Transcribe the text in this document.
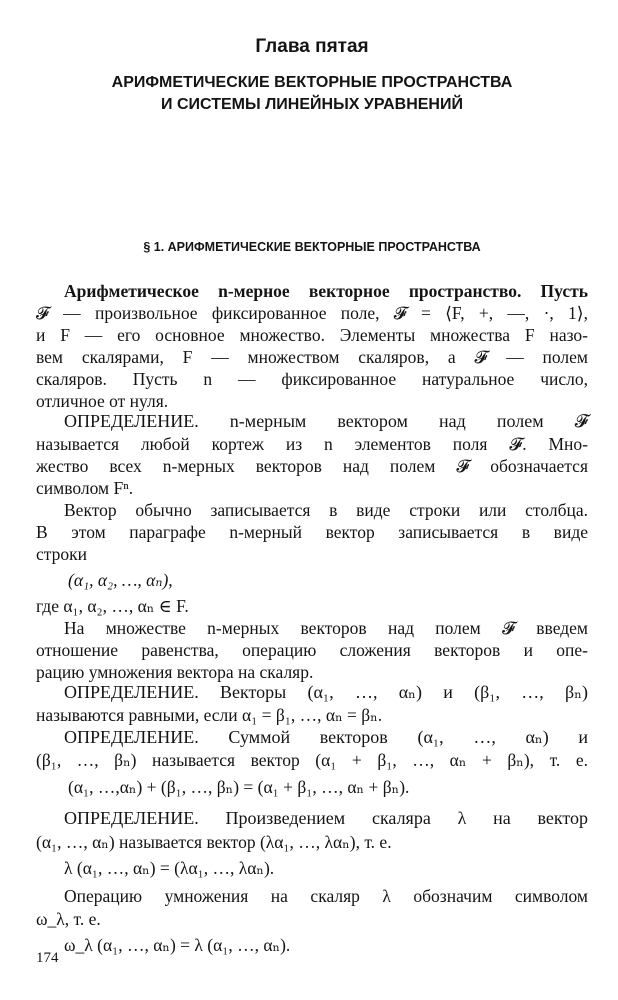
Глава пятая
АРИФМЕТИЧЕСКИЕ ВЕКТОРНЫЕ ПРОСТРАНСТВА
И СИСТЕМЫ ЛИНЕЙНЫХ УРАВНЕНИЙ
§ 1. АРИФМЕТИЧЕСКИЕ ВЕКТОРНЫЕ ПРОСТРАНСТВА
Арифметическое n-мерное векторное пространство. Пусть
𝓕 — произвольное фиксированное поле, 𝓕 = ⟨F, +, —, ·, 1⟩,
и F — его основное множество. Элементы множества F назо-
вем скалярами, F — множеством скаляров, а 𝓕 — полем
скаляров. Пусть n — фиксированное натуральное число,
отличное от нуля.
ОПРЕДЕЛЕНИЕ. n-мерным вектором над полем 𝓕
называется любой кортеж из n элементов поля 𝓕. Мно-
жество всех n-мерных векторов над полем 𝓕 обозначается
символом Fⁿ.
Вектор обычно записывается в виде строки или столбца.
В этом параграфе n-мерный вектор записывается в виде
строки
(α₁, α₂, …, αₙ),
где α₁, α₂, …, αₙ ∈ F.
На множестве n-мерных векторов над полем 𝓕 введем
отношение равенства, операцию сложения векторов и опе-
рацию умножения вектора на скаляр.
ОПРЕДЕЛЕНИЕ. Векторы (α₁, …, αₙ) и (β₁, …, βₙ)
называются равными, если α₁ = β₁, …, αₙ = βₙ.
ОПРЕДЕЛЕНИЕ. Суммой векторов (α₁, …, αₙ) и
(β₁, …, βₙ) называется вектор (α₁ + β₁, …, αₙ + βₙ), т. е.
(α₁, …,αₙ) + (β₁, …, βₙ) = (α₁ + β₁, …, αₙ + βₙ).
ОПРЕДЕЛЕНИЕ. Произведением скаляра λ на вектор
(α₁, …, αₙ) называется вектор (λα₁, …, λαₙ), т. е.
λ (α₁, …, αₙ) = (λα₁, …, λαₙ).
Операцию умножения на скаляр λ обозначим символом
ω_λ, т. е.
ω_λ (α₁, …, αₙ) = λ (α₁, …, αₙ).
174
